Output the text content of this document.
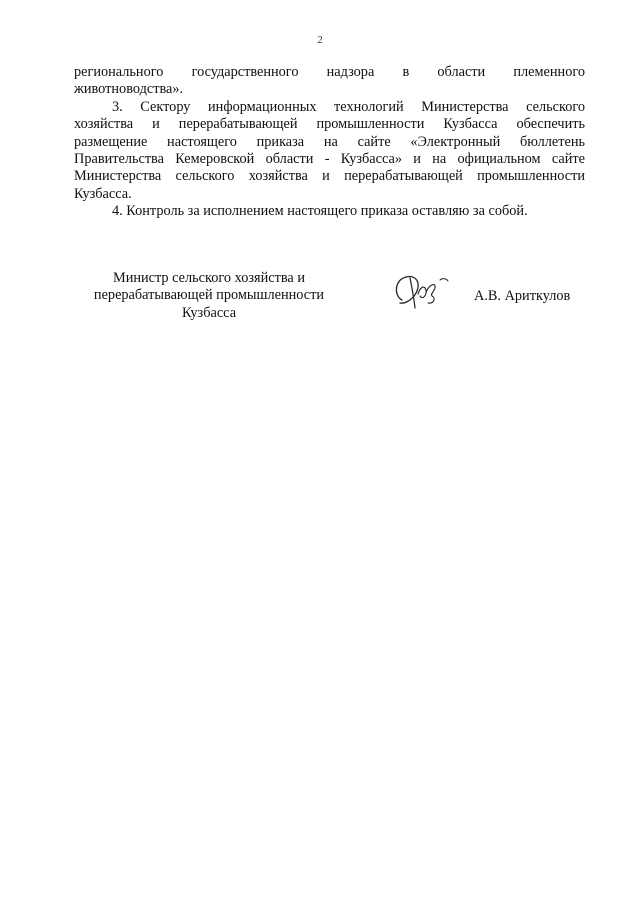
2
регионального государственного надзора в области племенного
животноводства».
3. Сектору информационных технологий Министерства сельского
хозяйства и перерабатывающей промышленности Кузбасса обеспечить
размещение настоящего приказа на сайте «Электронный бюллетень
Правительства Кемеровской области - Кузбасса» и на официальном сайте
Министерства сельского хозяйства и перерабатывающей промышленности
Кузбасса.
4. Контроль за исполнением настоящего приказа оставляю за собой.
Министр сельского хозяйства и
перерабатывающей промышленности
Кузбасса
А.В. Ариткулов
